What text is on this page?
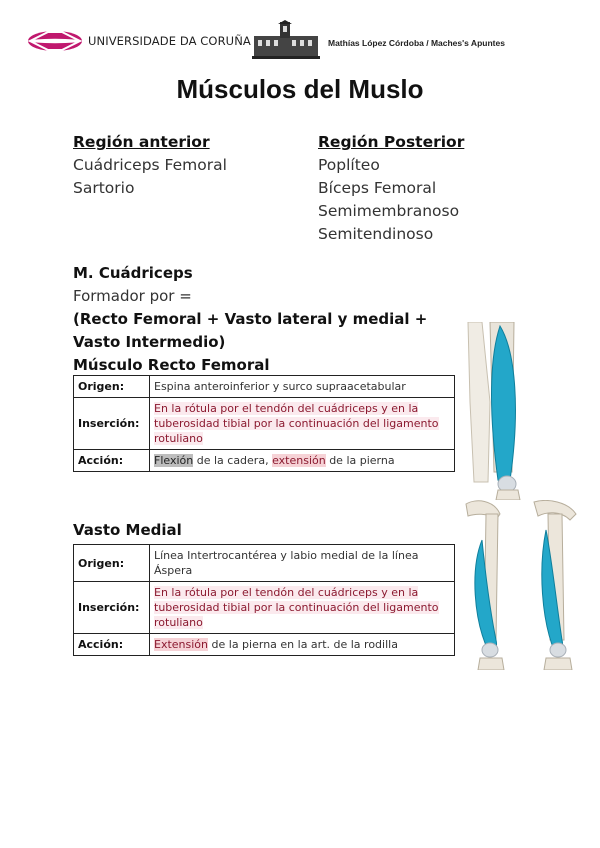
UNIVERSIDADE DA CORUÑA	Mathías López Córdoba / Maches's Apuntes
Músculos del Muslo
Región anterior
Cuádriceps Femoral
Sartorio
Región Posterior
Poplíteo
Bíceps Femoral
Semimembranoso
Semitendinoso
M. Cuádriceps
Formador por =
(Recto Femoral + Vasto lateral y medial + Vasto Intermedio)
Músculo Recto Femoral
Origen:	Espina anteroinferior y surco supraacetabular
Inserción:	En la rótula por el tendón del cuádriceps y en la tuberosidad tibial por la continuación del ligamento rotuliano
Acción:	Flexión de la cadera, extensión de la pierna
Vasto Medial
Origen:	Línea Intertrocantérea y labio medial de la línea Áspera
Inserción:	En la rótula por el tendón del cuádriceps y en la tuberosidad tibial por la continuación del ligamento rotuliano
Acción:	Extensión de la pierna en la art. de la rodilla
